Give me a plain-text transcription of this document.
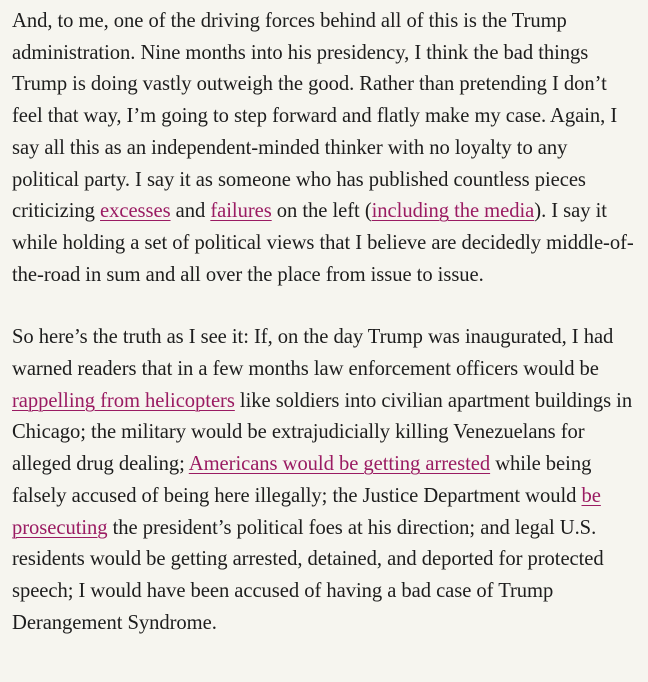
And, to me, one of the driving forces behind all of this is the Trump administration. Nine months into his presidency, I think the bad things Trump is doing vastly outweigh the good. Rather than pretending I don’t feel that way, I’m going to step forward and flatly make my case. Again, I say all this as an independent-minded thinker with no loyalty to any political party. I say it as someone who has published countless pieces criticizing excesses and failures on the left (including the media). I say it while holding a set of political views that I believe are decidedly middle-of-the-road in sum and all over the place from issue to issue.

So here’s the truth as I see it: If, on the day Trump was inaugurated, I had warned readers that in a few months law enforcement officers would be rappelling from helicopters like soldiers into civilian apartment buildings in Chicago; the military would be extrajudicially killing Venezuelans for alleged drug dealing; Americans would be getting arrested while being falsely accused of being here illegally; the Justice Department would be prosecuting the president’s political foes at his direction; and legal U.S. residents would be getting arrested, detained, and deported for protected speech; I would have been accused of having a bad case of Trump Derangement Syndrome.
